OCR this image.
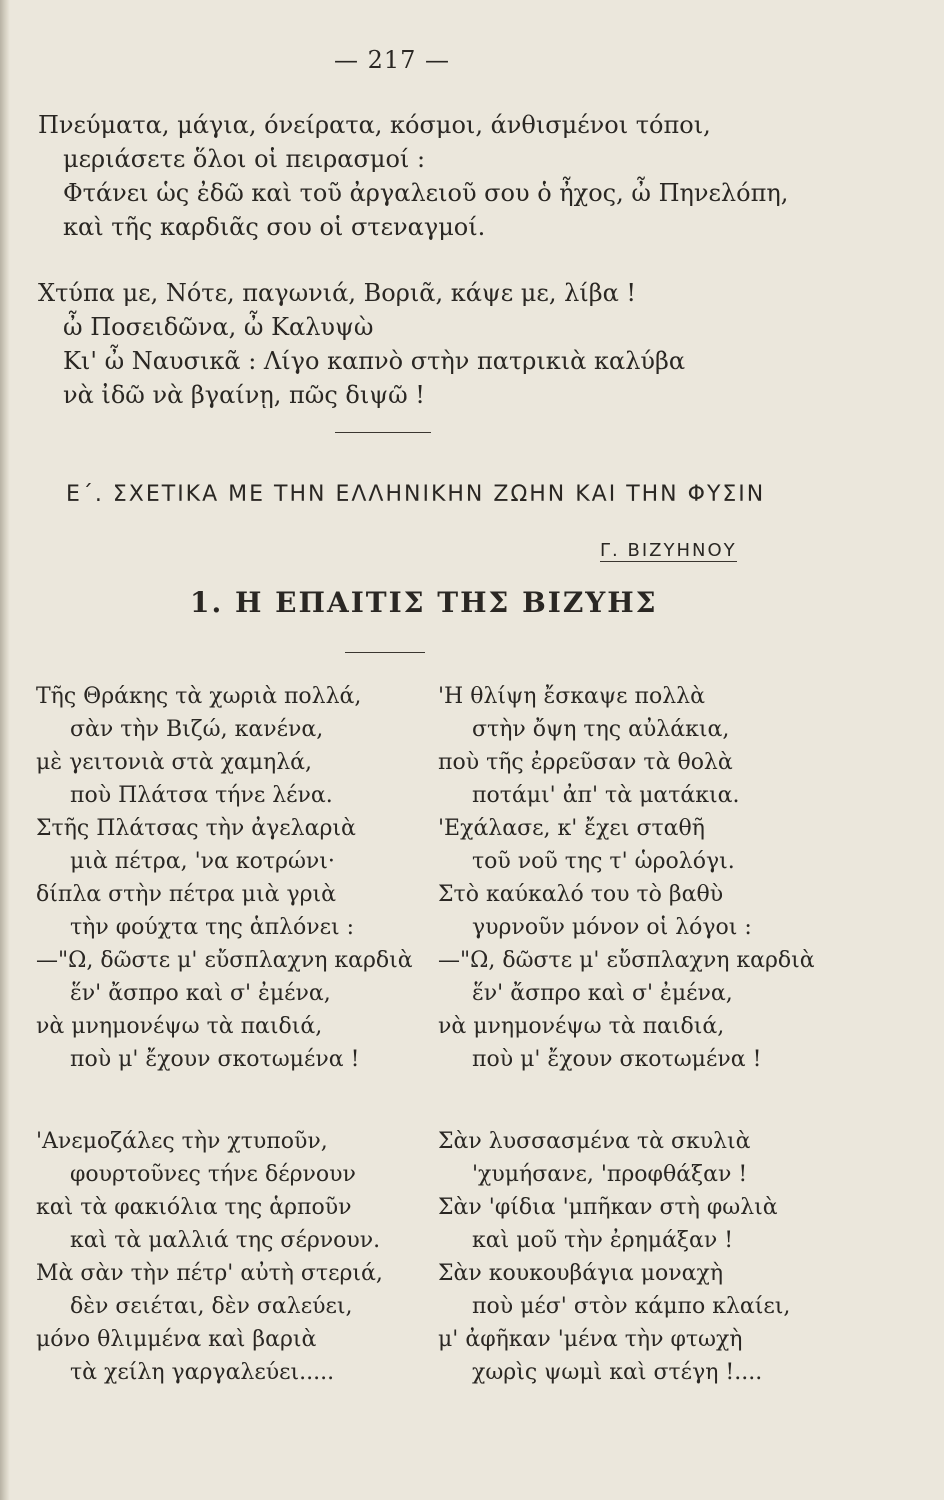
— 217 —
Πνεύματα, μάγια, όνείρατα, κόσμοι, άνθισμένοι τόποι,
μεριάσετε ὅλοι οἱ πειρασμοί :
Φτάνει ὡς ἐδῶ καὶ τοῦ ἀργαλειοῦ σου ὁ ἦχος, ὦ Πηνελόπη,
καὶ τῆς καρδιᾶς σου οἱ στεναγμοί.
Χτύπα με, Νότε, παγωνιά, Βοριᾶ, κάψε με, λίβα !
ὦ Ποσειδῶνα, ὦ Καλυψὼ
Κι' ὦ Ναυσικᾶ : Λίγο καπνὸ στὴν πατρικιὰ καλύβα
νὰ ἰδῶ νὰ βγαίνῃ, πῶς διψῶ !
Ε΄. ΣΧΕΤΙΚΑ ΜΕ ΤΗΝ ΕΛΛΗΝΙΚΗΝ ΖΩΗΝ ΚΑΙ ΤΗΝ ΦΥΣΙΝ
Γ. ΒΙΖΥΗΝΟΥ
1. Η ΕΠΑΙΤΙΣ ΤΗΣ ΒΙΖΥΗΣ
Τῆς Θράκης τὰ χωριὰ πολλά,
σὰν τὴν Βιζώ, κανένα,
μὲ γειτονιὰ στὰ χαμηλά,
ποὺ Πλάτσα τήνε λένα.
Στῆς Πλάτσας τὴν ἀγελαριὰ
μιὰ πέτρα, 'να κοτρώνι·
δίπλα στὴν πέτρα μιὰ γριὰ
τὴν φούχτα της ἁπλόνει :
—"Ω, δῶστε μ' εὔσπλαχνη καρδιὰ
ἕν' ἄσπρο καὶ σ' ἐμένα,
νὰ μνημονέψω τὰ παιδιά,
ποὺ μ' ἔχουν σκοτωμένα !
'Ανεμοζάλες τὴν χτυποῦν,
φουρτοῦνες τήνε δέρνουν
καὶ τὰ φακιόλια της ἁρποῦν
καὶ τὰ μαλλιά της σέρνουν.
Μὰ σὰν τὴν πέτρ' αὐτὴ στεριά,
δὲν σειέται, δὲν σαλεύει,
μόνο θλιμμένα καὶ βαριὰ
τὰ χείλη γαργαλεύει.....
'Η θλίψη ἔσκαψε πολλὰ
στὴν ὄψη της αὐλάκια,
ποὺ τῆς ἐρρεῦσαν τὰ θολὰ
ποτάμι' ἀπ' τὰ ματάκια.
'Εχάλασε, κ' ἔχει σταθῆ
τοῦ νοῦ της τ' ὡρολόγι.
Στὸ καύκαλό του τὸ βαθὺ
γυρνοῦν μόνον οἱ λόγοι :
—"Ω, δῶστε μ' εὔσπλαχνη καρδιὰ
ἕν' ἄσπρο καὶ σ' ἐμένα,
νὰ μνημονέψω τὰ παιδιά,
ποὺ μ' ἔχουν σκοτωμένα !
Σὰν λυσσασμένα τὰ σκυλιὰ
'χυμήσανε, 'προφθάξαν !
Σὰν 'φίδια 'μπῆκαν στὴ φωλιὰ
καὶ μοῦ τὴν ἐρημάξαν !
Σὰν κουκουβάγια μοναχὴ
ποὺ μέσ' στὸν κάμπο κλαίει,
μ' ἀφῆκαν 'μένα τὴν φτωχὴ
χωρὶς ψωμὶ καὶ στέγη !....
